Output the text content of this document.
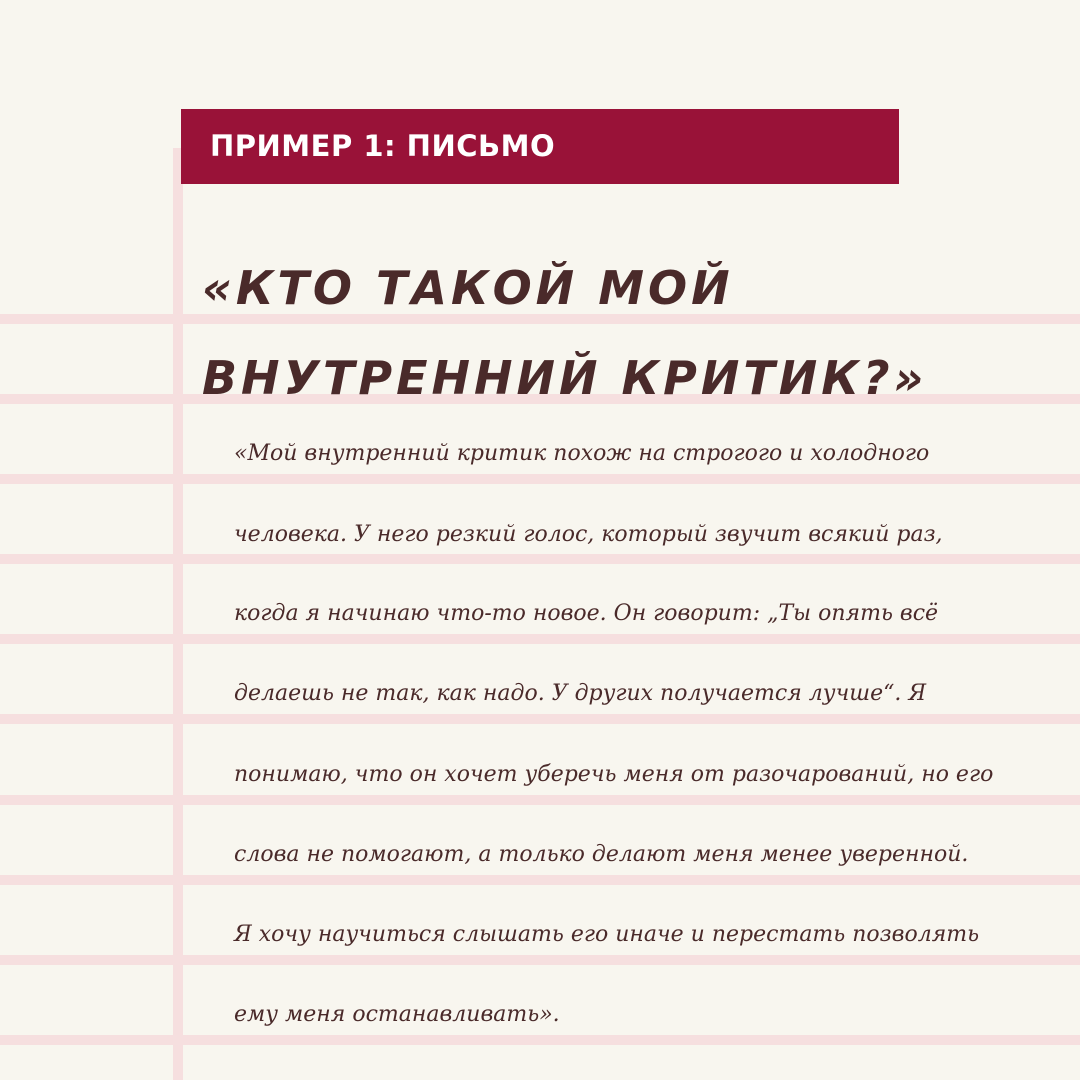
ПРИМЕР 1: ПИСЬМО
«КТО ТАКОЙ МОЙ
ВНУТРЕННИЙ КРИТИК?»
«Мой внутренний критик похож на строгого и холодного
человека. У него резкий голос, который звучит всякий раз,
когда я начинаю что-то новое. Он говорит: „Ты опять всё
делаешь не так, как надо. У других получается лучше“. Я
понимаю, что он хочет уберечь меня от разочарований, но его
слова не помогают, а только делают меня менее уверенной.
Я хочу научиться слышать его иначе и перестать позволять
ему меня останавливать».
